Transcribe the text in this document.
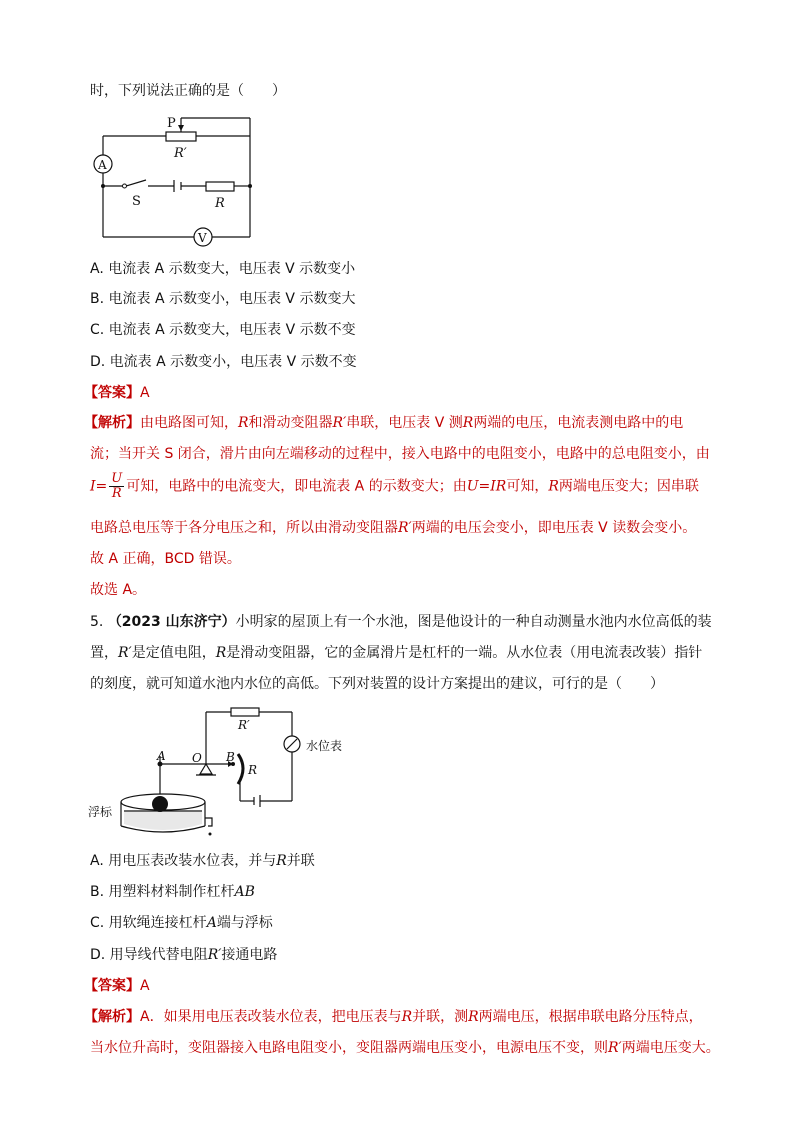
时，下列说法正确的是（　　）
P
R′
A
S	R
V
A. 电流表 A 示数变大，电压表 V 示数变小
B. 电流表 A 示数变小，电压表 V 示数变大
C. 电流表 A 示数变大，电压表 V 示数不变
D. 电流表 A 示数变小，电压表 V 示数不变
【答案】A
【解析】由电路图可知，R和滑动变阻器R′串联，电压表 V 测R两端的电压，电流表测电路中的电
流；当开关 S 闭合，滑片由向左端移动的过程中，接入电路中的电阻变小，电路中的总电阻变小，由
$I= \frac{U}{R}$ 可知，电路中的电流变大，即电流表 A 的示数变大；由U=IR可知，R两端电压变大；因串联
电路总电压等于各分电压之和，所以由滑动变阻器R′两端的电压会变小，即电压表 V 读数会变小。
故 A 正确，BCD 错误。
故选 A。
5. （2023 山东济宁）小明家的屋顶上有一个水池，图是他设计的一种自动测量水池内水位高低的装
置，R′是定值电阻，R是滑动变阻器，它的金属滑片是杠杆的一端。从水位表（用电流表改装）指针
的刻度，就可知道水池内水位的高低。下列对装置的设计方案提出的建议，可行的是（　　）
R′
A O B
R
水位表
浮标
A. 用电压表改装水位表，并与R并联
B. 用塑料材料制作杠杆AB
C. 用软绳连接杠杆A端与浮标
D. 用导线代替电阻R′接通电路
【答案】A
【解析】A．如果用电压表改装水位表，把电压表与R并联，测R两端电压，根据串联电路分压特点，
当水位升高时，变阻器接入电路电阻变小，变阻器两端电压变小，电源电压不变，则R′两端电压变大。
